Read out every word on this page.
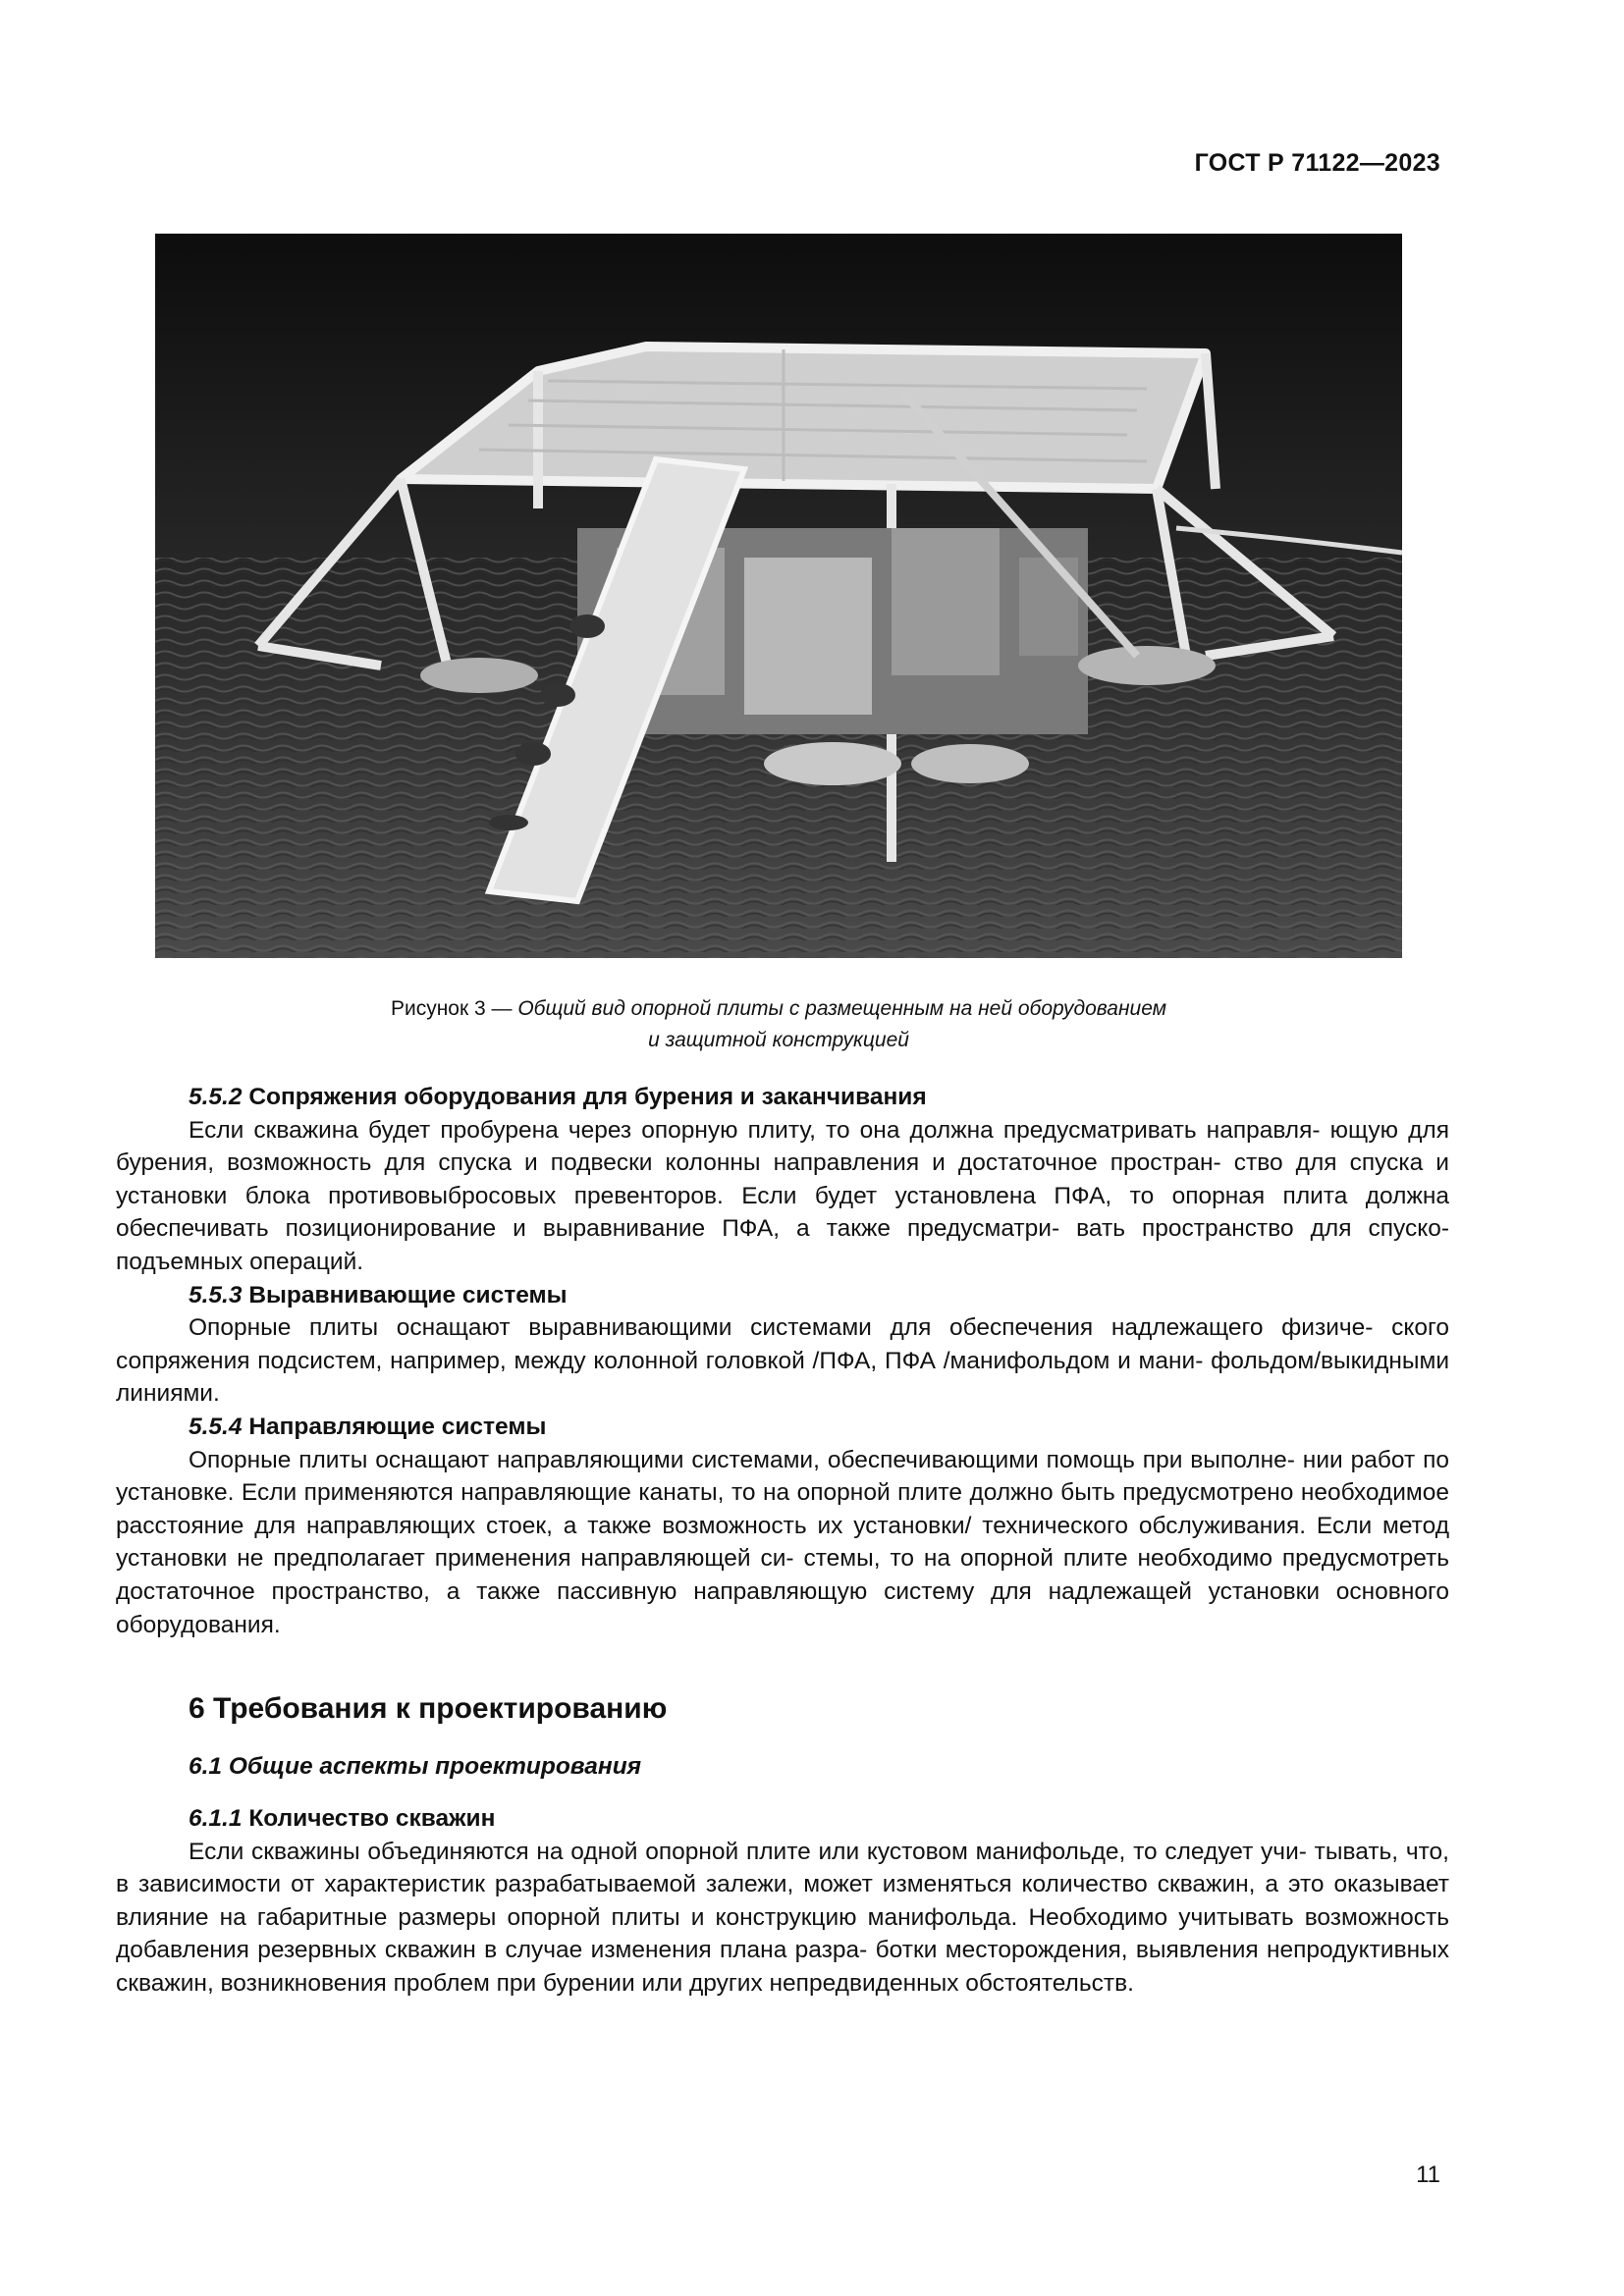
ГОСТ Р 71122—2023
Рисунок 3 — Общий вид опорной плиты с размещенным на ней оборудованием
и защитной конструкцией
5.5.2 Сопряжения оборудования для бурения и заканчивания

Если скважина будет пробурена через опорную плиту, то она должна предусматривать направля- ющую для бурения, возможность для спуска и подвески колонны направления и достаточное простран- ство для спуска и установки блока противовыбросовых превенторов. Если будет установлена ПФА, то опорная плита должна обеспечивать позиционирование и выравнивание ПФА, а также предусматри- вать пространство для спуско-подъемных операций.

5.5.3 Выравнивающие системы

Опорные плиты оснащают выравнивающими системами для обеспечения надлежащего физиче- ского сопряжения подсистем, например, между колонной головкой /ПФА, ПФА /манифольдом и мани- фольдом/выкидными линиями.

5.5.4 Направляющие системы

Опорные плиты оснащают направляющими системами, обеспечивающими помощь при выполне- нии работ по установке. Если применяются направляющие канаты, то на опорной плите должно быть предусмотрено необходимое расстояние для направляющих стоек, а также возможность их установки/ технического обслуживания. Если метод установки не предполагает применения направляющей си- стемы, то на опорной плите необходимо предусмотреть достаточное пространство, а также пассивную направляющую систему для надлежащей установки основного оборудования.

6 Требования к проектированию
6.1 Общие аспекты проектирования
6.1.1 Количество скважин

Если скважины объединяются на одной опорной плите или кустовом манифольде, то следует учи- тывать, что, в зависимости от характеристик разрабатываемой залежи, может изменяться количество скважин, а это оказывает влияние на габаритные размеры опорной плиты и конструкцию манифольда. Необходимо учитывать возможность добавления резервных скважин в случае изменения плана разра- ботки месторождения, выявления непродуктивных скважин, возникновения проблем при бурении или других непредвиденных обстоятельств.

11
